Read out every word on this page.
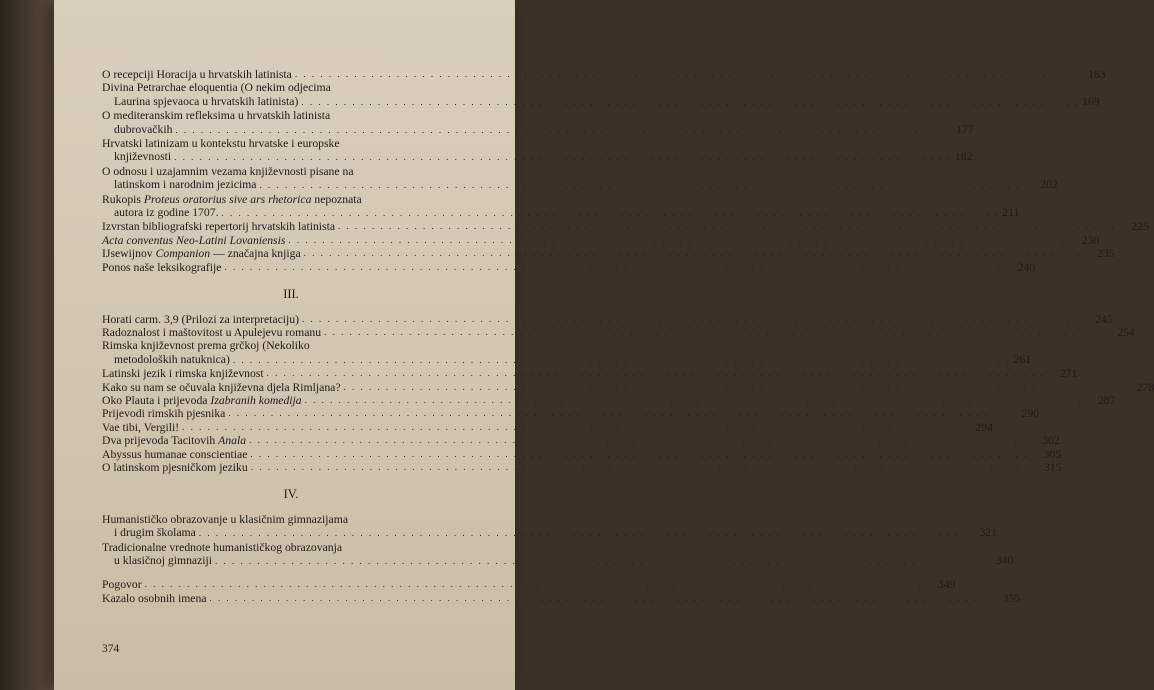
O recepciji Horacija u hrvatskih latinista . . .	163
Divina Petrarchae eloquentia (O nekim odjecima
Laurina spjevaoca u hrvatskih latinista) . . .	169
O mediteranskim refleksima u hrvatskih latinista
dubrovačkih . . .	177
Hrvatski latinizam u kontekstu hrvatske i europske
književnosti . . .	182
O odnosu i uzajamnim vezama književnosti pisane na
latinskom i narodnim jezicima . . .	202
Rukopis Proteus oratorius sive ars rhetorica nepoznata
autora iz godine 1707. . . .	211
Izvrstan bibliografski repertorij hrvatskih latinista . . .	225
Acta conventus Neo-Latini Lovaniensis . . .	230
IJsewijnov Companion — značajna knjiga . . .	235
Ponos naše leksikografije . . .	240
III.
Horati carm. 3,9 (Prilozi za interpretaciju) . . .	245
Radoznalost i maštovitost u Apulejevu romanu . . .	254
Rimska književnost prema grčkoj (Nekoliko
metodoloških natuknica) . . .	261
Latinski jezik i rimska književnost . . .	271
Kako su nam se očuvala književna djela Rimljana? . . .	278
Oko Plauta i prijevoda Izabranih komedija . . .	287
Prijevodi rimskih pjesnika . . .	290
Vae tibi, Vergili! . . .	294
Dva prijevoda Tacitovih Anala . . .	302
Abyssus humanae conscientiae . . .	305
O latinskom pjesničkom jeziku . . .	315
IV.
Humanističko obrazovanje u klasičnim gimnazijama
i drugim školama . . .	321
Tradicionalne vrednote humanističkog obrazovanja
u klasičnoj gimnaziji . . .	340
Pogovor . . .	349
Kazalo osobnih imena . . .	355
374
